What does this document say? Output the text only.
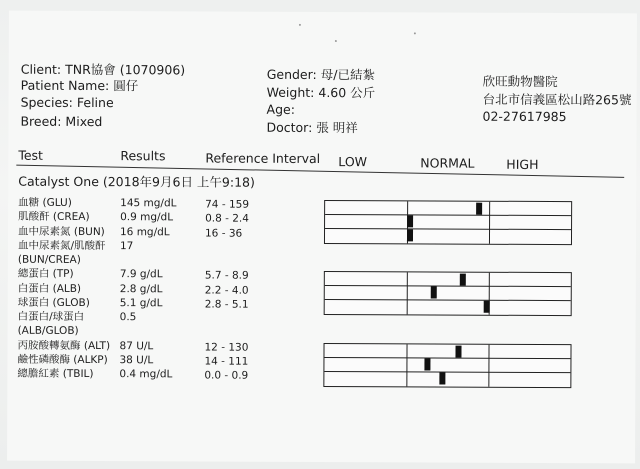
Client: TNR協會 (1070906)
Patient Name: 圓仔
Species: Feline
Breed: Mixed
Gender: 母/已結紮
Weight: 4.60 公斤
Age:
Doctor: 張 明祥
欣旺動物醫院
台北市信義區松山路265號
02-27617985
Test	Results	Reference Interval LOW	NORMAL	HIGH
Catalyst One (2018年9月6日 上午9:18)
血糖 (GLU)	145 mg/dL	74 - 159
肌酸酐 (CREA)	0.9 mg/dL	0.8 - 2.4
血中尿素氮 (BUN) 16 mg/dL	16 - 36
血中尿素氮/肌酸酐 17
(BUN/CREA)
總蛋白 (TP)	7.9 g/dL	5.7 - 8.9
白蛋白 (ALB)	2.8 g/dL	2.2 - 4.0
球蛋白 (GLOB)	5.1 g/dL	2.8 - 5.1
白蛋白/球蛋白	0.5
(ALB/GLOB)
丙胺酸轉氨酶 (ALT) 87 U/L	12 - 130
鹼性磷酸酶 (ALKP) 38 U/L	14 - 111
總膽紅素 (TBIL) 0.4 mg/dL	0.0 - 0.9
